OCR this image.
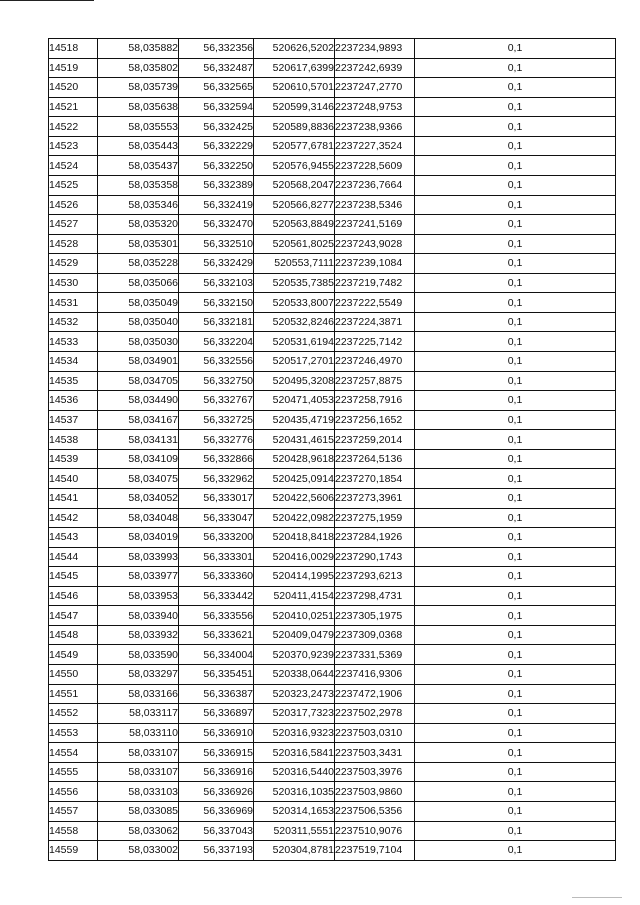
14518	58,035882	56,332356	520626,5202	2237234,9893	0,1
14519	58,035802	56,332487	520617,6399	2237242,6939	0,1
14520	58,035739	56,332565	520610,5701	2237247,2770	0,1
14521	58,035638	56,332594	520599,3146	2237248,9753	0,1
14522	58,035553	56,332425	520589,8836	2237238,9366	0,1
14523	58,035443	56,332229	520577,6781	2237227,3524	0,1
14524	58,035437	56,332250	520576,9455	2237228,5609	0,1
14525	58,035358	56,332389	520568,2047	2237236,7664	0,1
14526	58,035346	56,332419	520566,8277	2237238,5346	0,1
14527	58,035320	56,332470	520563,8849	2237241,5169	0,1
14528	58,035301	56,332510	520561,8025	2237243,9028	0,1
14529	58,035228	56,332429	520553,7111	2237239,1084	0,1
14530	58,035066	56,332103	520535,7385	2237219,7482	0,1
14531	58,035049	56,332150	520533,8007	2237222,5549	0,1
14532	58,035040	56,332181	520532,8246	2237224,3871	0,1
14533	58,035030	56,332204	520531,6194	2237225,7142	0,1
14534	58,034901	56,332556	520517,2701	2237246,4970	0,1
14535	58,034705	56,332750	520495,3208	2237257,8875	0,1
14536	58,034490	56,332767	520471,4053	2237258,7916	0,1
14537	58,034167	56,332725	520435,4719	2237256,1652	0,1
14538	58,034131	56,332776	520431,4615	2237259,2014	0,1
14539	58,034109	56,332866	520428,9618	2237264,5136	0,1
14540	58,034075	56,332962	520425,0914	2237270,1854	0,1
14541	58,034052	56,333017	520422,5606	2237273,3961	0,1
14542	58,034048	56,333047	520422,0982	2237275,1959	0,1
14543	58,034019	56,333200	520418,8418	2237284,1926	0,1
14544	58,033993	56,333301	520416,0029	2237290,1743	0,1
14545	58,033977	56,333360	520414,1995	2237293,6213	0,1
14546	58,033953	56,333442	520411,4154	2237298,4731	0,1
14547	58,033940	56,333556	520410,0251	2237305,1975	0,1
14548	58,033932	56,333621	520409,0479	2237309,0368	0,1
14549	58,033590	56,334004	520370,9239	2237331,5369	0,1
14550	58,033297	56,335451	520338,0644	2237416,9306	0,1
14551	58,033166	56,336387	520323,2473	2237472,1906	0,1
14552	58,033117	56,336897	520317,7323	2237502,2978	0,1
14553	58,033110	56,336910	520316,9323	2237503,0310	0,1
14554	58,033107	56,336915	520316,5841	2237503,3431	0,1
14555	58,033107	56,336916	520316,5440	2237503,3976	0,1
14556	58,033103	56,336926	520316,1035	2237503,9860	0,1
14557	58,033085	56,336969	520314,1653	2237506,5356	0,1
14558	58,033062	56,337043	520311,5551	2237510,9076	0,1
14559	58,033002	56,337193	520304,8781	2237519,7104	0,1
